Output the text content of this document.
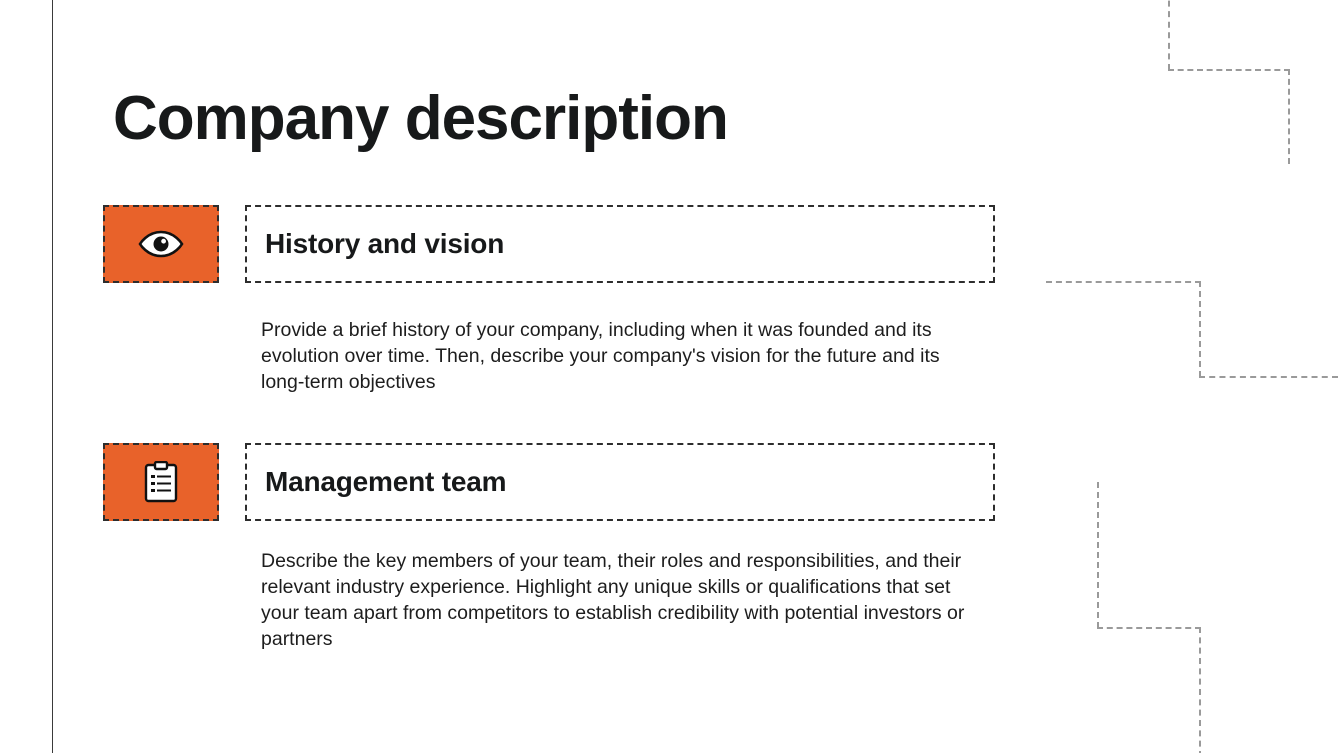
Company description
History and vision
Provide a brief history of your company, including when it was founded and its evolution over time. Then, describe your company's vision for the future and its long-term objectives
Management team
Describe the key members of your team, their roles and responsibilities, and their relevant industry experience. Highlight any unique skills or qualifications that set your team apart from competitors to establish credibility with potential investors or partners
